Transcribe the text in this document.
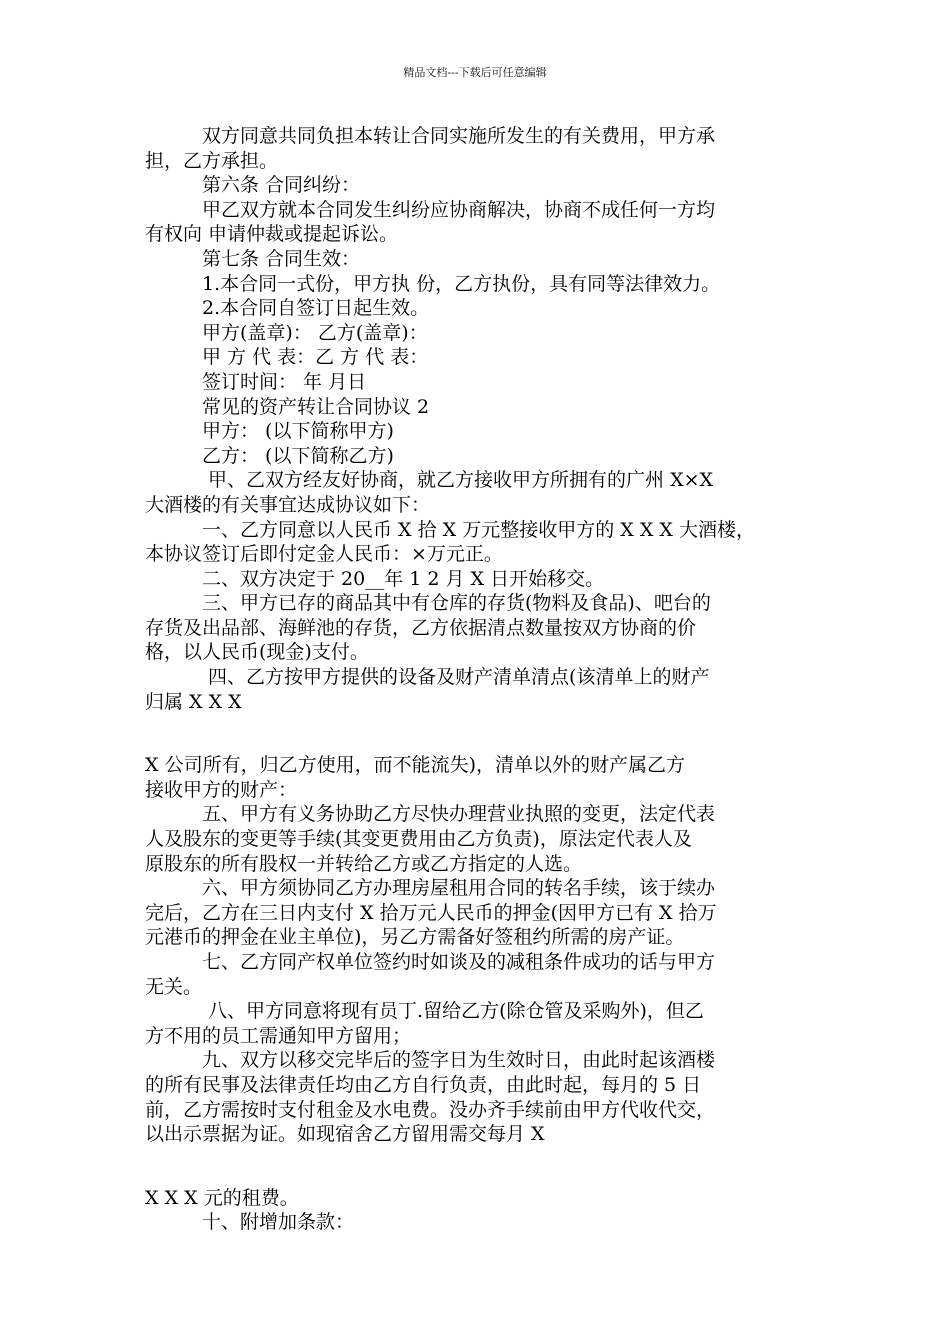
精品文档---下载后可任意编辑
　　　双方同意共同负担本转让合同实施所发生的有关费用，甲方承
担，乙方承担。
　　　第六条 合同纠纷：
　　　甲乙双方就本合同发生纠纷应协商解决，协商不成任何一方均
有权向 申请仲裁或提起诉讼。
　　　第七条 合同生效：
　　　1.本合同一式份，甲方执 份，乙方执份，具有同等法律效力。
　　　2.本合同自签订日起生效。
　　　甲方(盖章)： 乙方(盖章)：
　　　甲 方 代 表：乙 方 代 表：
　　　签订时间： 年 月日
　　　常见的资产转让合同协议 2
　　　甲方： (以下简称甲方)
　　　乙方： (以下简称乙方)
　　　 甲、乙双方经友好协商，就乙方接收甲方所拥有的广州 X×X
大酒楼的有关事宜达成协议如下：
　　　一、乙方同意以人民币 X 拾 X 万元整接收甲方的 X X X 大酒楼，
本协议签订后即付定金人民币：×万元正。
　　　二、双方决定于 20__年 1 2 月 X 日开始移交。
　　　三、甲方已存的商品其中有仓库的存货(物料及食品)、吧台的
存货及出品部、海鲜池的存货，乙方依据清点数量按双方协商的价
格，以人民币(现金)支付。
　　　 四、乙方按甲方提供的设备及财产清单清点(该清单上的财产
归属 X X X
X 公司所有，归乙方使用，而不能流失)，清单以外的财产属乙方
接收甲方的财产：
　　　五、甲方有义务协助乙方尽快办理营业执照的变更，法定代表
人及股东的变更等手续(其变更费用由乙方负责)，原法定代表人及
原股东的所有股权一并转给乙方或乙方指定的人选。
　　　六、甲方须协同乙方办理房屋租用合同的转名手续，该于续办
完后，乙方在三日内支付 X 拾万元人民币的押金(因甲方已有 X 拾万
元港币的押金在业主单位)，另乙方需备好签租约所需的房产证。
　　　七、乙方同产权单位签约时如谈及的减租条件成功的话与甲方
无关。
　　　 八、甲方同意将现有员丁.留给乙方(除仓管及采购外)，但乙
方不用的员工需通知甲方留用；
　　　九、双方以移交完毕后的签字日为生效时日，由此时起该酒楼
的所有民事及法律责任均由乙方自行负责，由此时起，每月的 5 日
前，乙方需按时支付租金及水电费。没办齐手续前由甲方代收代交，
以出示票据为证。如现宿舍乙方留用需交每月 X
X X X 元的租费。
　　　十、附增加条款：
